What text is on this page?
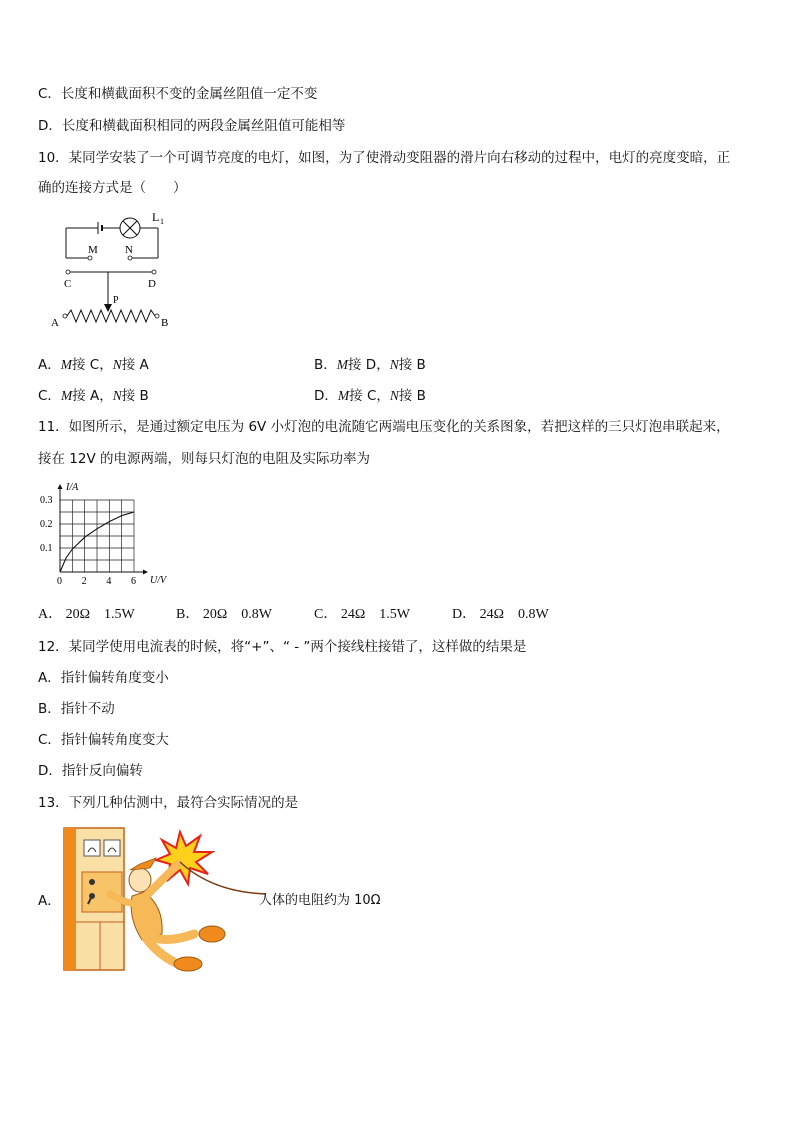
C．长度和横截面积不变的金属丝阻值一定不变
D．长度和横截面积相同的两段金属丝阻值可能相等
10．某同学安装了一个可调节亮度的电灯，如图，为了使滑动变阻器的滑片向右移动的过程中，电灯的亮度变暗，正
确的连接方式是（　　）
L 1
M N
C	D
P
A	B
A．M接 C，N接 A	B．M接 D，N接 B
C．M接 A，N接 B	D．M接 C，N接 B
11．如图所示，是通过额定电压为 6V 小灯泡的电流随它两端电压变化的关系图象，若把这样的三只灯泡串联起来，
接在 12V 的电源两端，则每只灯泡的电阻及实际功率为
0 2 4 6
0.1
0.2
0.3
I/A
U/V
A． 20Ω　1.5W	B． 20Ω　0.8W	C． 24Ω　1.5W	D． 24Ω　0.8W
12．某同学使用电流表的时候，将“+”、“ - ”两个接线柱接错了，这样做的结果是
A．指针偏转角度变小
B．指针不动
C．指针偏转角度变大
D．指针反向偏转
13．下列几种估测中，最符合实际情况的是
A．	人体的电阻约为 10Ω
